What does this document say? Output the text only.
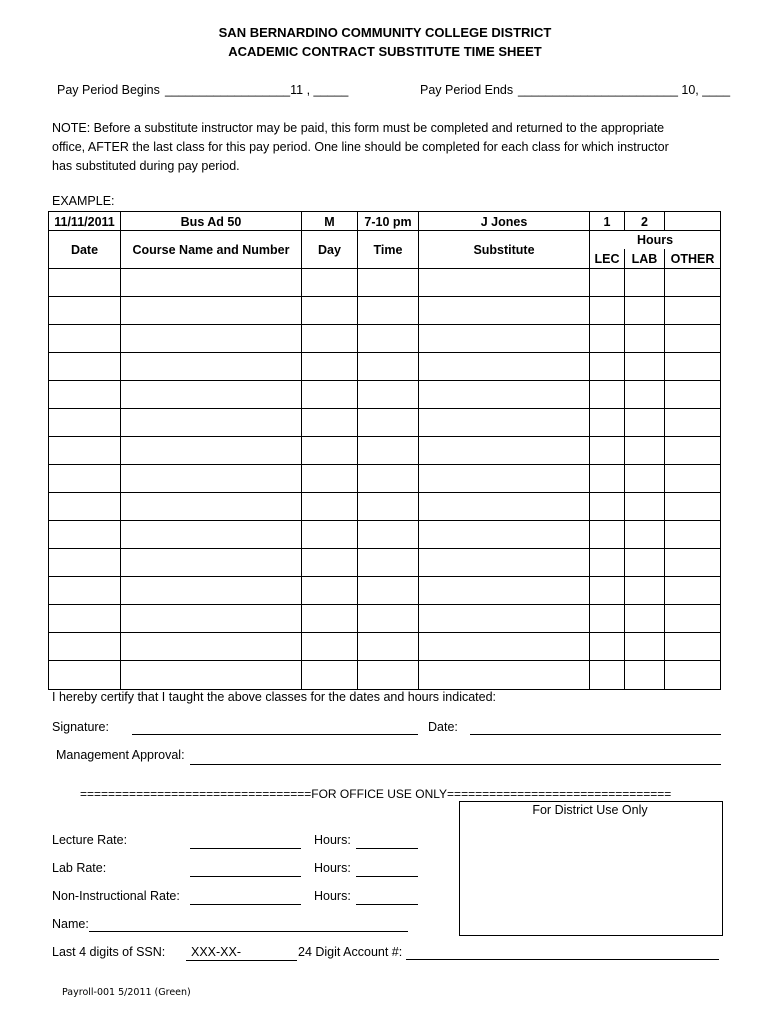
SAN BERNARDINO COMMUNITY COLLEGE DISTRICT
ACADEMIC CONTRACT SUBSTITUTE TIME SHEET
Pay Period Begins __________________11 , _____	Pay Period Ends _______________________ 10, ____
NOTE: Before a substitute instructor may be paid, this form must be completed and returned to the appropriate
office, AFTER the last class for this pay period. One line should be completed for each class for which instructor
has substituted during pay period.
EXAMPLE:
11/11/2011	Bus Ad 50	M	7-10 pm	J Jones	1	2
Date	Course Name and Number	Day	Time	Substitute
Hours
LEC LAB	OTHER
I hereby certify that I taught the above classes for the dates and hours indicated:
Signature:	Date:
Management Approval:
=================================FOR OFFICE USE ONLY================================
For District Use Only
Lecture Rate:	Hours:
Lab Rate:	Hours:
Non-Instructional Rate:	Hours:
Name:
Last 4 digits of SSN: XXX-XX-	24 Digit Account #:
Payroll-001 5/2011 (Green)
